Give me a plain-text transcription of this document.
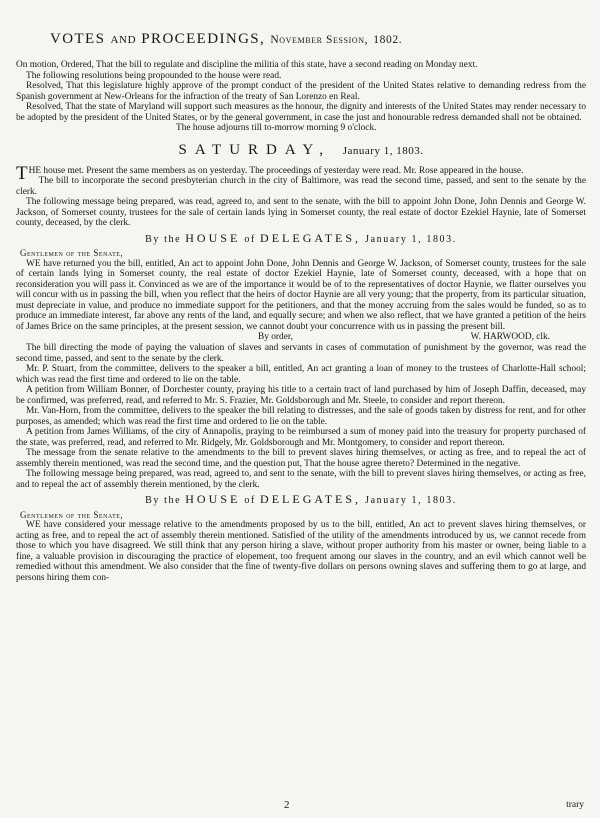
VOTES AND PROCEEDINGS, November Session, 1802.

On motion, Ordered, That the bill to regulate and discipline the militia of this state, have a second reading on Monday next.

The following resolutions being propounded to the house were read.

Resolved, That this legislature highly approve of the prompt conduct of the president of the United States relative to demanding redress from the Spanish government at New-Orleans for the infraction of the treaty of San Lorenzo en Real.

Resolved, That the state of Maryland will support such measures as the honour, the dignity and interests of the United States may render necessary to be adopted by the president of the United States, or by the general government, in case the just and honourable redress demanded shall not be obtained.

The house adjourns till to-morrow morning 9 o'clock.

SATURDAY, January 1, 1803.

THE house met. Present the same members as on yesterday. The proceedings of yesterday were read. Mr. Rose appeared in the house.

The bill to incorporate the second presbyterian church in the city of Baltimore, was read the second time, passed, and sent to the senate by the clerk.

The following message being prepared, was read, agreed to, and sent to the senate, with the bill to appoint John Done, John Dennis and George W. Jackson, of Somerset county, trustees for the sale of certain lands lying in Somerset county, the real estate of doctor Ezekiel Haynie, late of Somerset county, deceased, by the clerk.

By the HOUSE of DELEGATES, January 1, 1803.

Gentlemen of the Senate,

WE have returned you the bill, entitled, An act to appoint John Done, John Dennis and George W. Jackson, of Somerset county, trustees for the sale of certain lands lying in Somerset county, the real estate of doctor Ezekiel Haynie, late of Somerset county, deceased, with a hope that on reconsideration you will pass it. Convinced as we are of the importance it would be of to the representatives of doctor Haynie, we flatter ourselves you will concur with us in passing the bill, when you reflect that the heirs of doctor Haynie are all very young; that the property, from its particular situation, must depreciate in value, and produce no immediate support for the petitioners, and that the money accruing from the sales would be funded, so as to produce an immediate interest, far above any rents of the land, and equally secure; and when we also reflect, that we have granted a petition of the heirs of James Brice on the same principles, at the present session, we cannot doubt your concurrence with us in passing the present bill.

By order,	W. HARWOOD, clk.

The bill directing the mode of paying the valuation of slaves and servants in cases of commutation of punishment by the governor, was read the second time, passed, and sent to the senate by the clerk.

Mr. P. Stuart, from the committee, delivers to the speaker a bill, entitled, An act granting a loan of money to the trustees of Charlotte-Hall school; which was read the first time and ordered to lie on the table.

A petition from William Bonner, of Dorchester county, praying his title to a certain tract of land purchased by him of Joseph Daffin, deceased, may be confirmed, was preferred, read, and referred to Mr. S. Frazier, Mr. Goldsborough and Mr. Steele, to consider and report thereon.

Mr. Van-Horn, from the committee, delivers to the speaker the bill relating to distresses, and the sale of goods taken by distress for rent, and for other purposes, as amended; which was read the first time and ordered to lie on the table.

A petition from James Williams, of the city of Annapolis, praying to be reimbursed a sum of money paid into the treasury for property purchased of the state, was preferred, read, and referred to Mr. Ridgely, Mr. Goldsborough and Mr. Montgomery, to consider and report thereon.

The message from the senate relative to the amendments to the bill to prevent slaves hiring themselves, or acting as free, and to repeal the act of assembly therein mentioned, was read the second time, and the question put, That the house agree thereto? Determined in the negative.

The following message being prepared, was read, agreed to, and sent to the senate, with the bill to prevent slaves hiring themselves, or acting as free, and to repeal the act of assembly therein mentioned, by the clerk.

By the HOUSE of DELEGATES, January 1, 1803.

Gentlemen of the Senate,

WE have considered your message relative to the amendments proposed by us to the bill, entitled, An act to prevent slaves hiring themselves, or acting as free, and to repeal the act of assembly therein mentioned. Satisfied of the utility of the amendments introduced by us, we cannot recede from those to which you have disagreed. We still think that any person hiring a slave, without proper authority from his master or owner, being liable to a fine, a valuable provision in discouraging the practice of elopement, too frequent among our slaves in the country, and an evil which cannot well be remedied without this amendment. We also consider that the fine of twenty-five dollars on persons owning slaves and suffering them to go at large, and persons hiring them con-

2	trary
